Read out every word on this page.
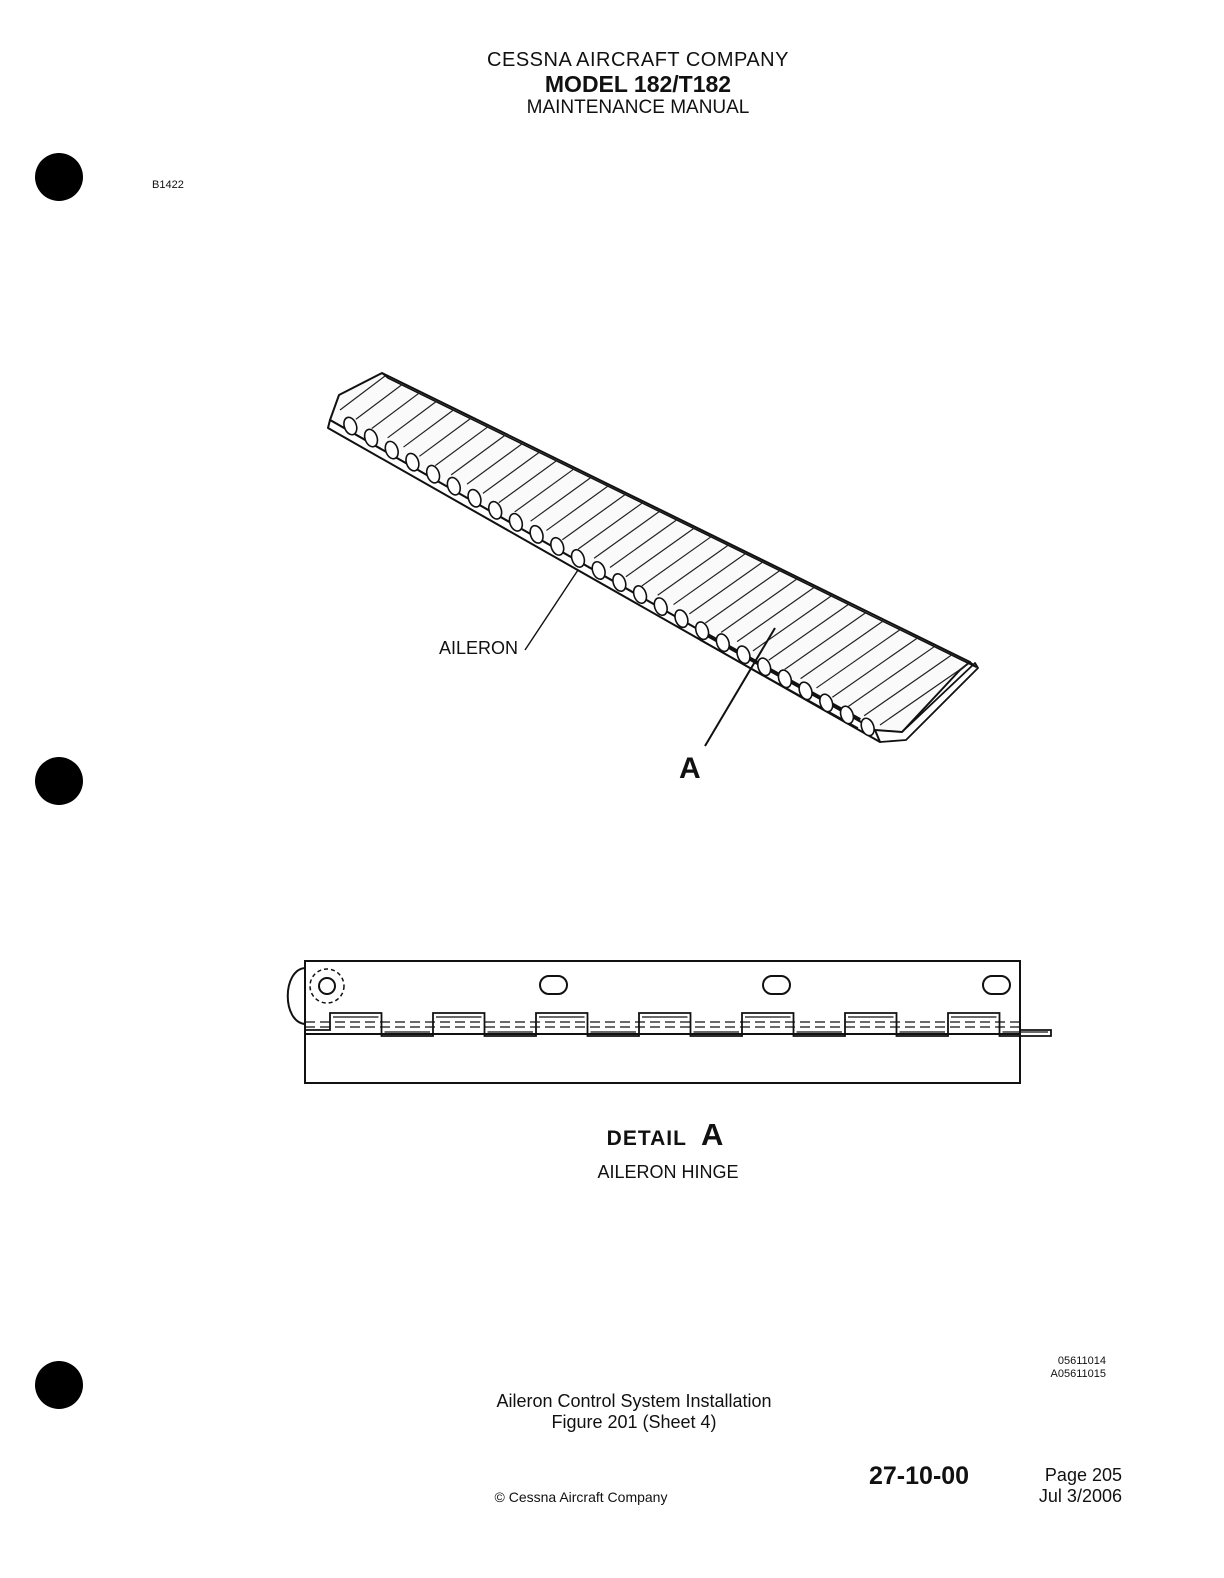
CESSNA AIRCRAFT COMPANY
MODEL 182/T182
MAINTENANCE MANUAL
B1422
AILERON
A
DETAIL A
AILERON HINGE
05611014
A05611015
Aileron Control System Installation
Figure 201 (Sheet 4)
27-10-00	Page 205
Jul 3/2006
© Cessna Aircraft Company
